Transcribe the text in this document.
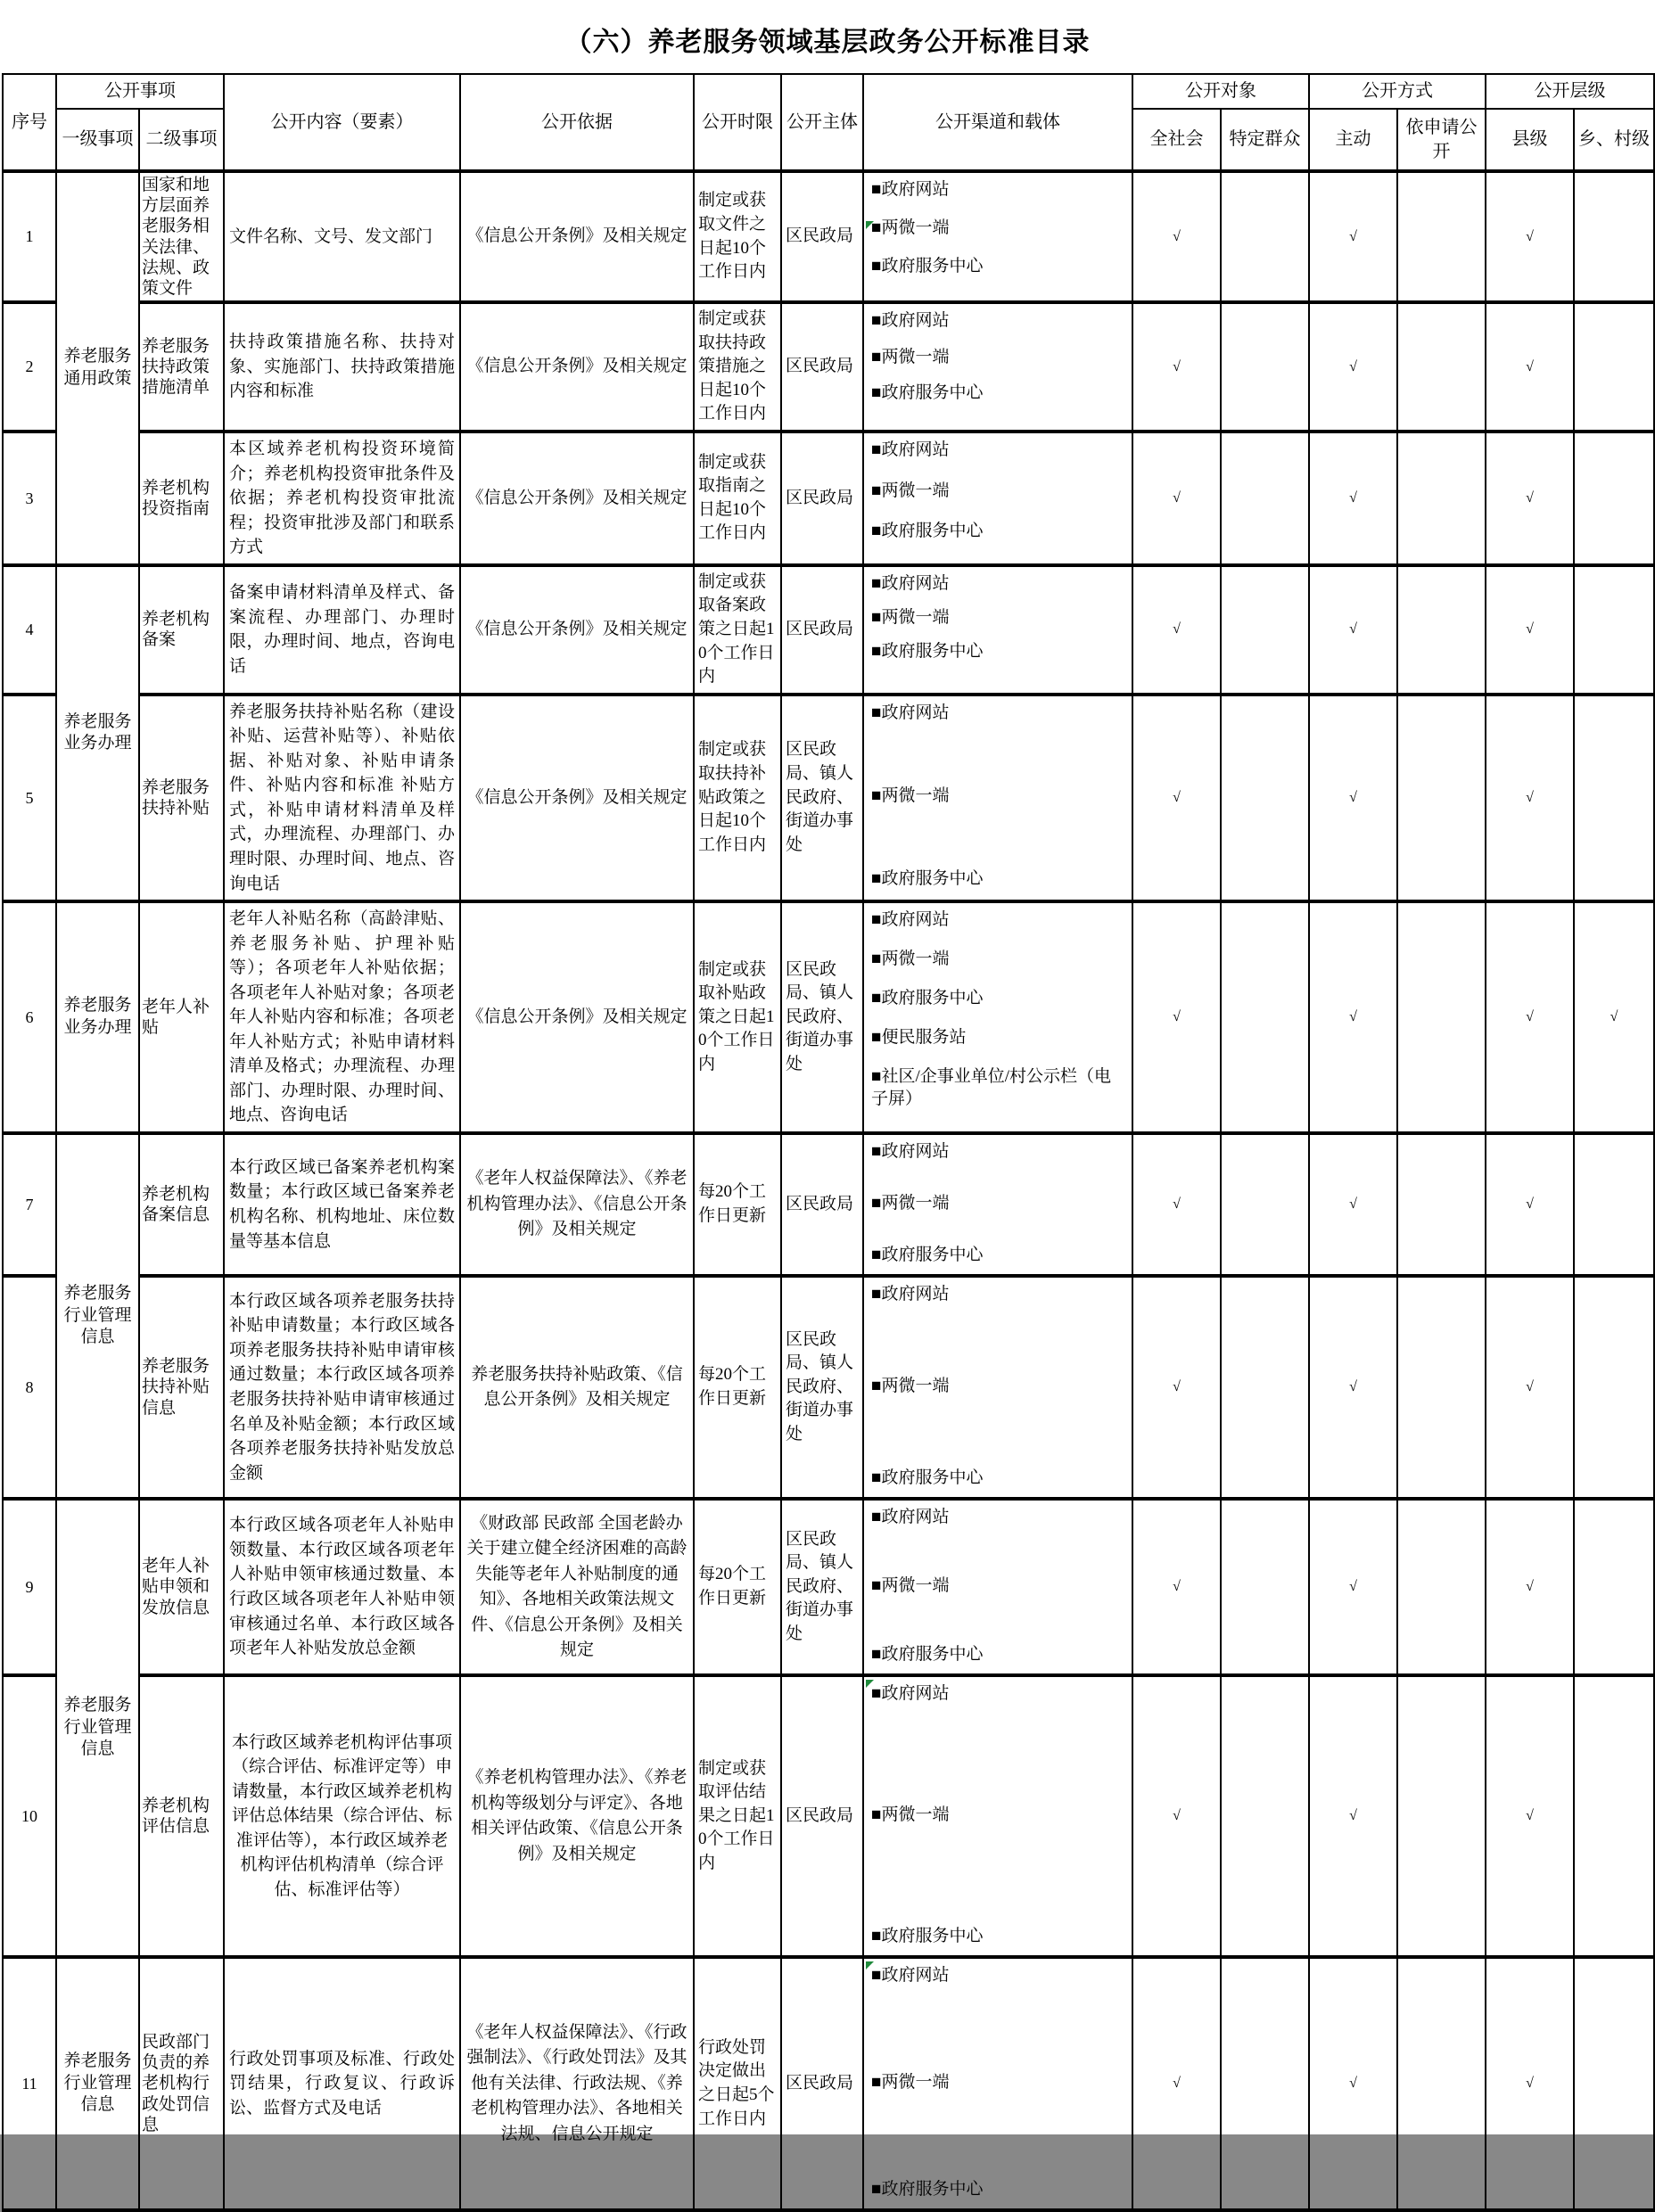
（六）养老服务领域基层政务公开标准目录
序号	公开事项		公开内容（要素）	公开依据	公开时限	公开主体	公开渠道和载体	公开对象		公开方式		公开层级	
	一级事项	二级事项						全社会	特定群众	主动	依申请公开	县级	乡、村级
1	养老服务通用政策	国家和地方层面养老服务相关法律、法规、政策文件	文件名称、文号、发文部门	《信息公开条例》及相关规定	制定或获取文件之日起10个工作日内	区民政局	■政府网站
■两微一端
■政府服务中心	√		√		√	
2		养老服务扶持政策措施清单	扶持政策措施名称、扶持对象、实施部门、扶持政策措施内容和标准	《信息公开条例》及相关规定	制定或获取扶持政策措施之日起10个工作日内	区民政局	■政府网站
■两微一端
■政府服务中心	√		√		√	
3		养老机构投资指南	本区域养老机构投资环境简介；养老机构投资审批条件及依据；养老机构投资审批流程；投资审批涉及部门和联系方式	《信息公开条例》及相关规定	制定或获取指南之日起10个工作日内	区民政局	■政府网站
■两微一端
■政府服务中心	√		√		√	
4	养老服务业务办理	养老机构备案	备案申请材料清单及样式、备案流程、办理部门、办理时限，办理时间、地点，咨询电话	《信息公开条例》及相关规定	制定或获取备案政策之日起10个工作日内	区民政局	■政府网站
■两微一端
■政府服务中心	√		√		√	
5		养老服务扶持补贴	养老服务扶持补贴名称（建设补贴、运营补贴等）、补贴依据、补贴对象、补贴申请条件、补贴内容和标准 补贴方式，补贴申请材料清单及样式，办理流程、办理部门、办理时限、办理时间、地点、咨询电话	《信息公开条例》及相关规定	制定或获取扶持补贴政策之日起10个工作日内	区民政局、镇人民政府、街道办事处	■政府网站
■两微一端
■政府服务中心	√		√		√	
6	养老服务业务办理	老年人补贴	老年人补贴名称（高龄津贴、养老服务补贴、护理补贴等）；各项老年人补贴依据；各项老年人补贴对象；各项老年人补贴内容和标准；各项老年人补贴方式；补贴申请材料清单及格式；办理流程、办理部门、办理时限、办理时间、地点、咨询电话	《信息公开条例》及相关规定	制定或获取补贴政策之日起10个工作日内	区民政局、镇人民政府、街道办事处	■政府网站
■两微一端
■政府服务中心
■便民服务站
■社区/企事业单位/村公示栏（电子屏）	√		√		√	√
7	养老服务行业管理信息	养老机构备案信息	本行政区域已备案养老机构案数量；本行政区域已备案养老机构名称、机构地址、床位数量等基本信息	《老年人权益保障法》、《养老机构管理办法》、《信息公开条例》及相关规定	每20个工作日更新	区民政局	■政府网站
■两微一端
■政府服务中心	√		√		√	
8		养老服务扶持补贴信息	本行政区域各项养老服务扶持补贴申请数量；本行政区域各项养老服务扶持补贴申请审核通过数量；本行政区域各项养老服务扶持补贴申请审核通过名单及补贴金额；本行政区域各项养老服务扶持补贴发放总金额	养老服务扶持补贴政策、《信息公开条例》及相关规定	每20个工作日更新	区民政局、镇人民政府、街道办事处	■政府网站
■两微一端
■政府服务中心	√		√		√	
9	养老服务行业管理信息	老年人补贴申领和发放信息	本行政区域各项老年人补贴申领数量、本行政区域各项老年人补贴申领审核通过数量、本行政区域各项老年人补贴申领审核通过名单、本行政区域各项老年人补贴发放总金额	《财政部 民政部 全国老龄办关于建立健全经济困难的高龄 失能等老年人补贴制度的通知》、各地相关政策法规文件、《信息公开条例》及相关规定	每20个工作日更新	区民政局、镇人民政府、街道办事处	■政府网站
■两微一端
■政府服务中心	√		√		√	
10		养老机构评估信息	本行政区域养老机构评估事项（综合评估、标准评定等）申请数量，本行政区域养老机构评估总体结果（综合评估、标准评估等），本行政区域养老机构评估机构清单（综合评估、标准评估等）	《养老机构管理办法》、《养老机构等级划分与评定》、各地相关评估政策、《信息公开条例》及相关规定	制定或获取评估结果之日起10个工作日内	区民政局	■政府网站
■两微一端
■政府服务中心	√		√		√	
11	养老服务行业管理信息	民政部门负责的养老机构行政处罚信息	行政处罚事项及标准、行政处罚结果，行政复议、行政诉讼、监督方式及电话	《老年人权益保障法》、《行政强制法》、《行政处罚法》及其他有关法律、行政法规、《养老机构管理办法》、各地相关法规、信息公开规定	行政处罚决定做出之日起5个工作日内	区民政局	■政府网站
■两微一端
■政府服务中心	√		√		√	
